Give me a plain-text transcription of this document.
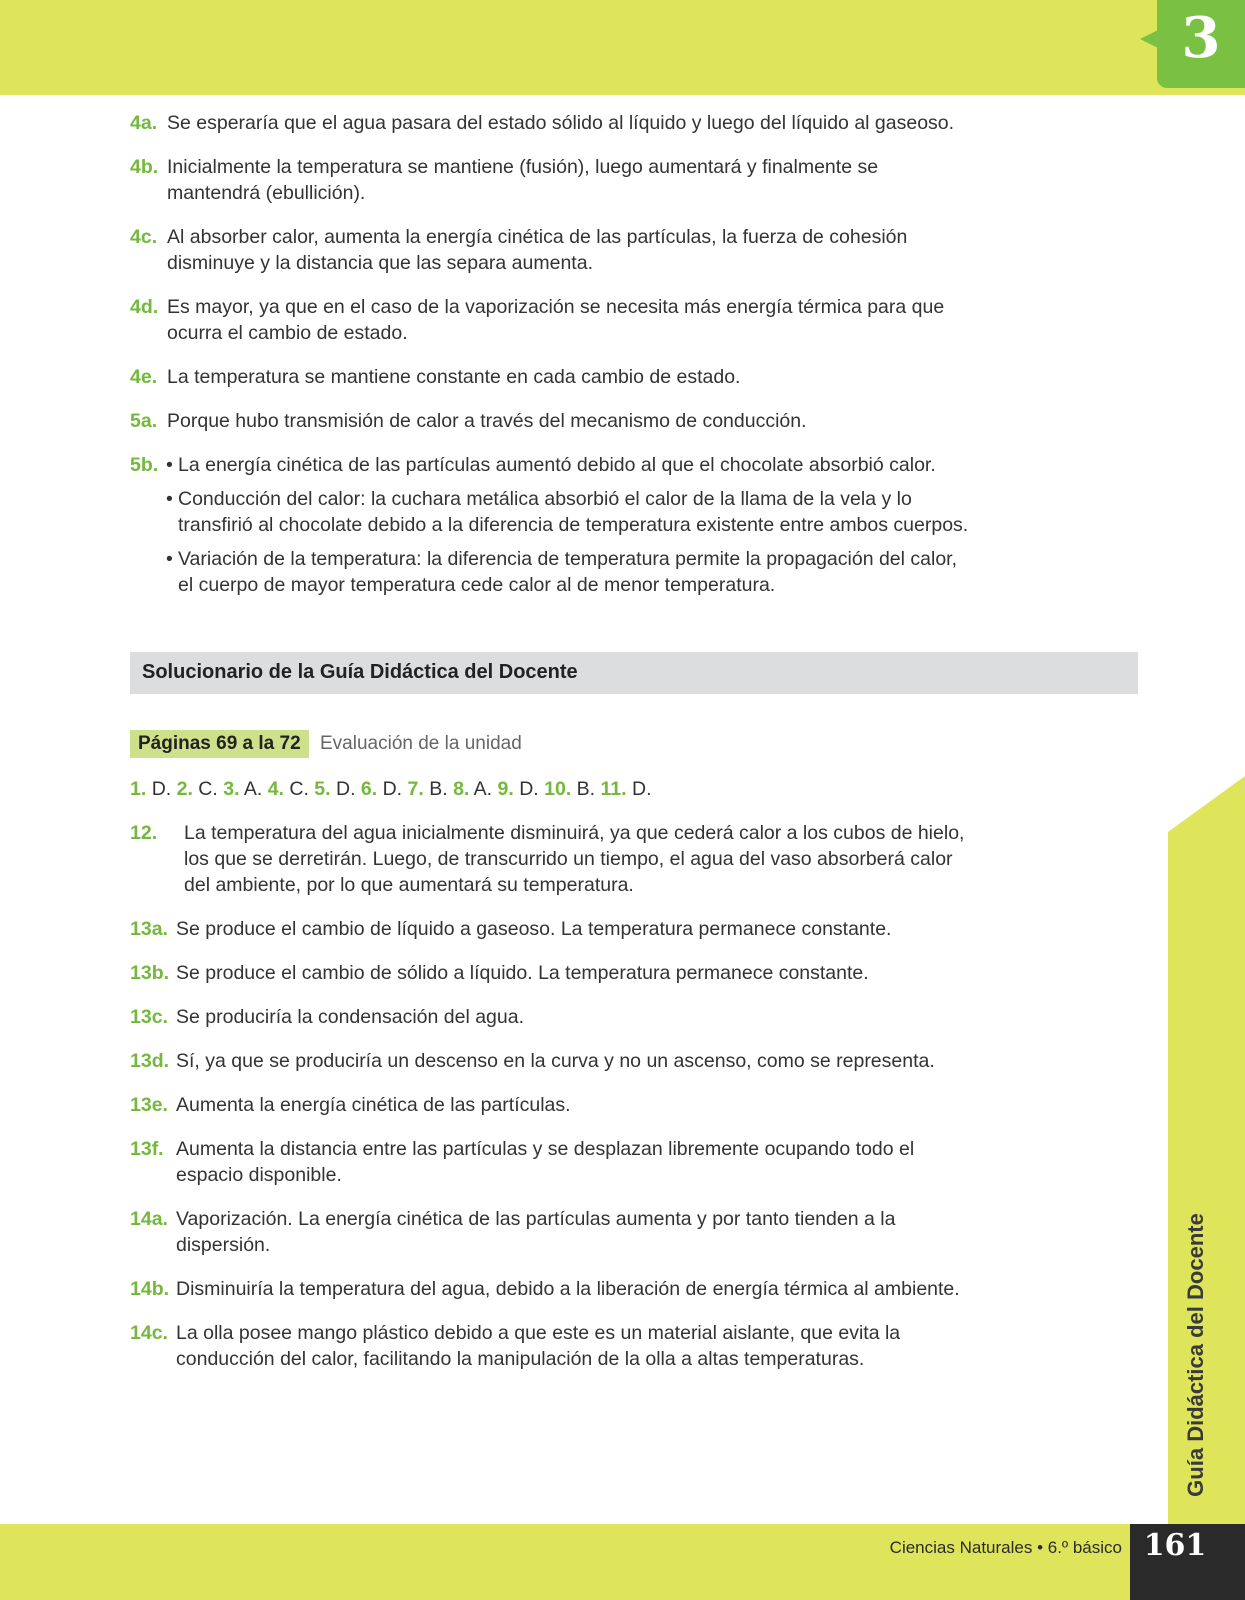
3
Guía Didáctica del Docente
Ciencias Naturales • 6.º básico 161
4a. Se esperaría que el agua pasara del estado sólido al líquido y luego del líquido al gaseoso.
4b. Inicialmente la temperatura se mantiene (fusión), luego aumentará y finalmente se mantendrá (ebullición).
4c. Al absorber calor, aumenta la energía cinética de las partículas, la fuerza de cohesión disminuye y la distancia que las separa aumenta.
4d. Es mayor, ya que en el caso de la vaporización se necesita más energía térmica para que ocurra el cambio de estado.
4e. La temperatura se mantiene constante en cada cambio de estado.
5a. Porque hubo transmisión de calor a través del mecanismo de conducción.
5b.
•	La energía cinética de las partículas aumentó debido al que el chocolate absorbió calor.
• Conducción del calor: la cuchara metálica absorbió el calor de la llama de la vela y lo transfirió al chocolate debido a la diferencia de temperatura existente entre ambos cuerpos.
• Variación de la temperatura: la diferencia de temperatura permite la propagación del calor, el cuerpo de mayor temperatura cede calor al de menor temperatura.
Solucionario de la Guía Didáctica del Docente
Páginas 69 a la 72	Evaluación de la unidad
1. D. 2. C. 3. A. 4. C. 5. D. 6. D. 7. B. 8. A. 9. D. 10. B. 11. D.
12. La temperatura del agua inicialmente disminuirá, ya que cederá calor a los cubos de hielo, los que se derretirán. Luego, de transcurrido un tiempo, el agua del vaso absorberá calor del ambiente, por lo que aumentará su temperatura.
13a. Se produce el cambio de líquido a gaseoso. La temperatura permanece constante.
13b. Se produce el cambio de sólido a líquido. La temperatura permanece constante.
13c. Se produciría la condensación del agua.
13d. Sí, ya que se produciría un descenso en la curva y no un ascenso, como se representa.
13e. Aumenta la energía cinética de las partículas.
13f. Aumenta la distancia entre las partículas y se desplazan libremente ocupando todo el espacio disponible.
14a. Vaporización. La energía cinética de las partículas aumenta y por tanto tienden a la dispersión.
14b. Disminuiría la temperatura del agua, debido a la liberación de energía térmica al ambiente.
14c. La olla posee mango plástico debido a que este es un material aislante, que evita la conducción del calor, facilitando la manipulación de la olla a altas temperaturas.
